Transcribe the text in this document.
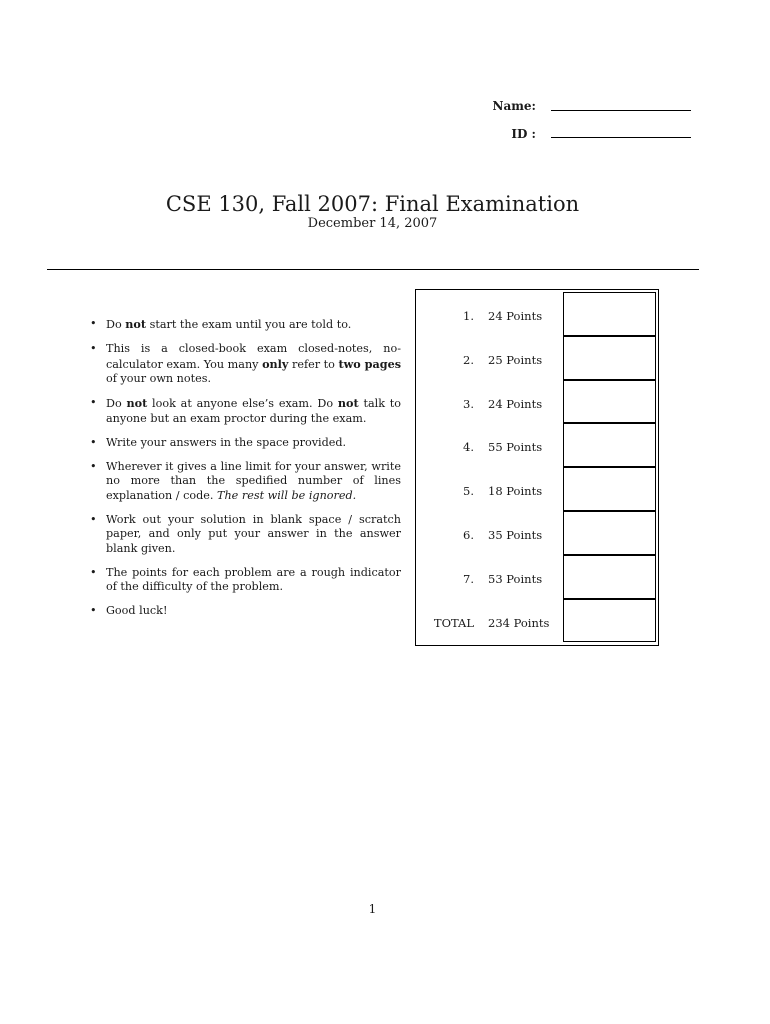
Name:
ID :
CSE 130, Fall 2007: Final Examination
December 14, 2007
• Do not start the exam until you are told to.
• This is a closed-book exam closed-notes, no-calculator exam. You many only refer to two pages of your own notes.
• Do not look at anyone else’s exam. Do not talk to anyone but an exam proctor during the exam.
• Write your answers in the space provided.
• Wherever it gives a line limit for your answer, write no more than the spedified number of lines explanation / code. The rest will be ignored.
• Work out your solution in blank space / scratch paper, and only put your answer in the answer blank given.
• The points for each problem are a rough indicator of the difficulty of the problem.
• Good luck!
1. 24 Points
2. 25 Points
3. 24 Points
4. 55 Points
5. 18 Points
6. 35 Points
7. 53 Points
TOTAL 234 Points
1
